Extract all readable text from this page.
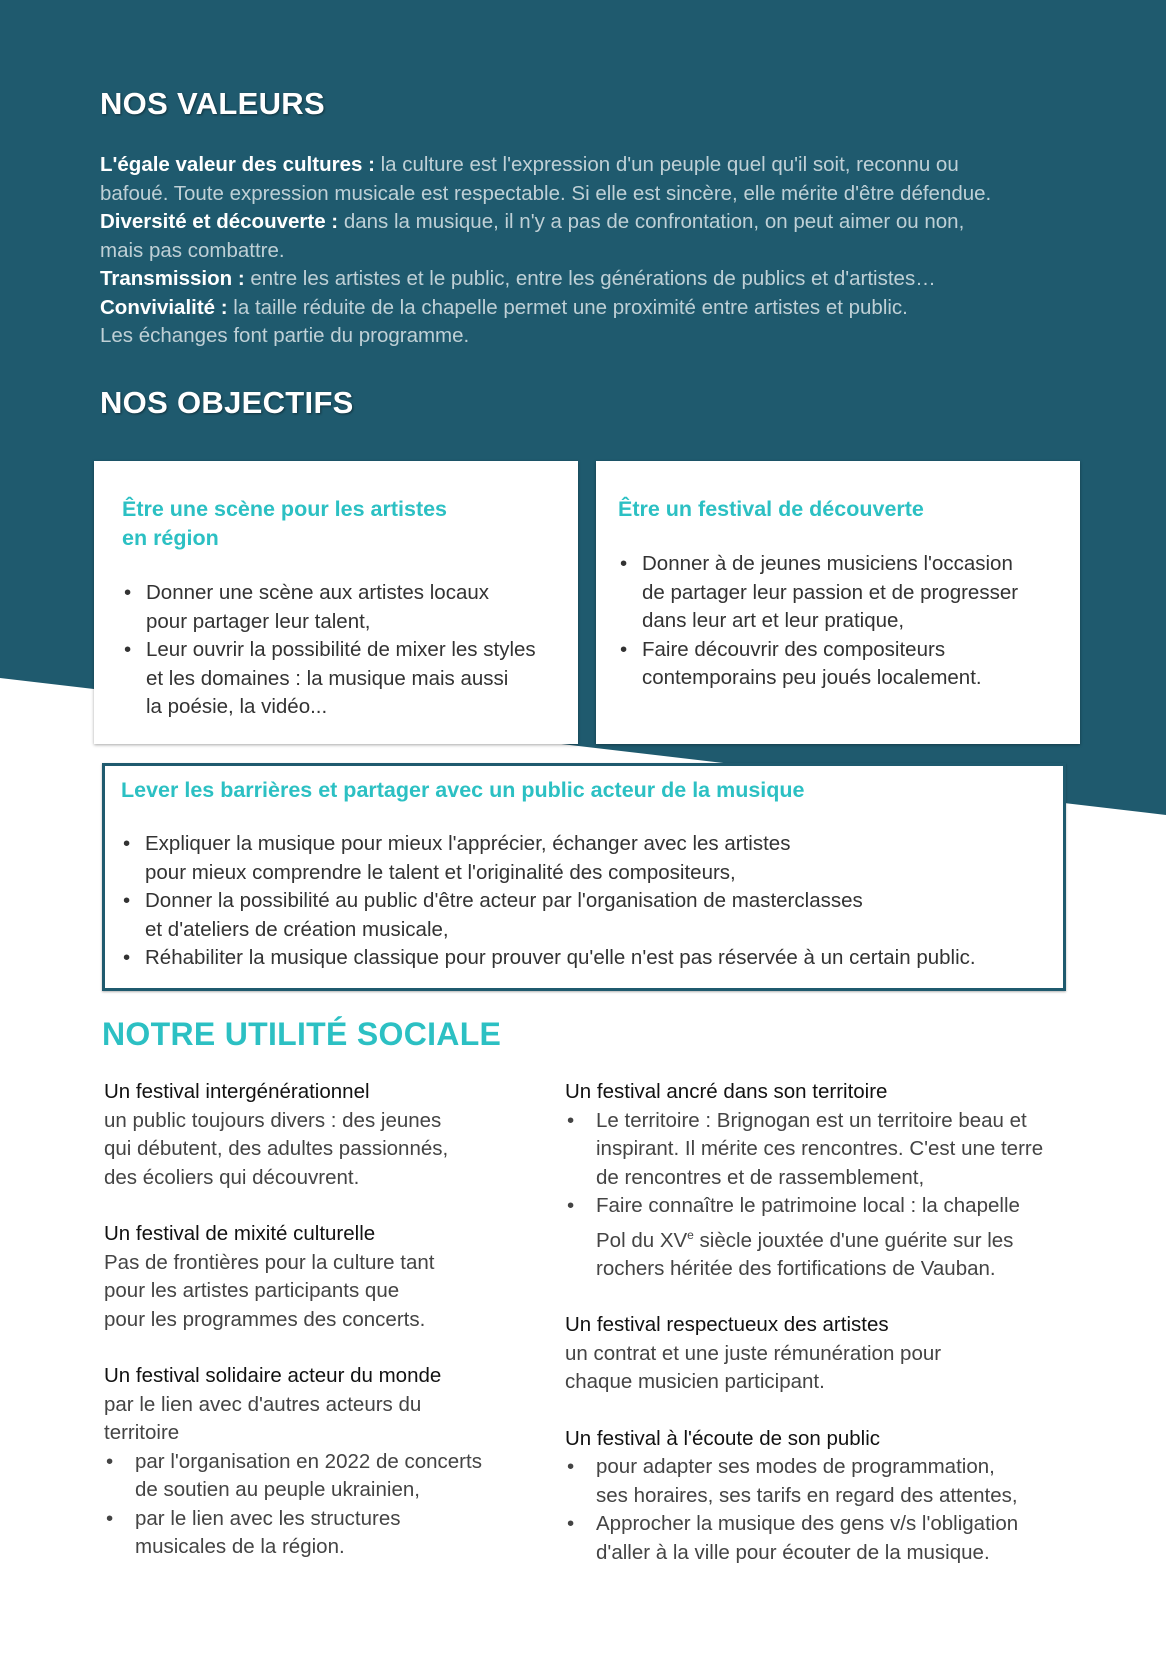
NOS VALEURS
L'égale valeur des cultures : la culture est l'expression d'un peuple quel qu'il soit, reconnu ou
bafoué. Toute expression musicale est respectable. Si elle est sincère, elle mérite d'être défendue.
Diversité et découverte : dans la musique, il n'y a pas de confrontation, on peut aimer ou non,
mais pas combattre.
Transmission : entre les artistes et le public, entre les générations de publics et d'artistes…
Convivialité : la taille réduite de la chapelle permet une proximité entre artistes et public.
Les échanges font partie du programme.
NOS OBJECTIFS
Être une scène pour les artistes
en région
• Donner une scène aux artistes locaux
pour partager leur talent,
• Leur ouvrir la possibilité de mixer les styles
et les domaines : la musique mais aussi
la poésie, la vidéo...
Être un festival de découverte
• Donner à de jeunes musiciens l'occasion
de partager leur passion et de progresser
dans leur art et leur pratique,
• Faire découvrir des compositeurs
contemporains peu joués localement.
Lever les barrières et partager avec un public acteur de la musique
• Expliquer la musique pour mieux l'apprécier, échanger avec les artistes
pour mieux comprendre le talent et l'originalité des compositeurs,
• Donner la possibilité au public d'être acteur par l'organisation de masterclasses
et d'ateliers de création musicale,
• Réhabiliter la musique classique pour prouver qu'elle n'est pas réservée à un certain public.
NOTRE UTILITÉ SOCIALE
Un festival intergénérationnel

un public toujours divers : des jeunes
qui débutent, des adultes passionnés,
des écoliers qui découvrent.

Un festival de mixité culturelle

Pas de frontières pour la culture tant
pour les artistes participants que
pour les programmes des concerts.

Un festival solidaire acteur du monde

par le lien avec d'autres acteurs du
territoire

• par l'organisation en 2022 de concerts
de soutien au peuple ukrainien,
• par le lien avec les structures
musicales de la région.
Un festival ancré dans son territoire
• Le territoire : Brignogan est un territoire beau et
inspirant. Il mérite ces rencontres. C'est une terre
de rencontres et de rassemblement,
• Faire connaître le patrimoine local : la chapelle
Pol du XVe siècle jouxtée d'une guérite sur les
rochers héritée des fortifications de Vauban.
Un festival respectueux des artistes

un contrat et une juste rémunération pour
chaque musicien participant.

Un festival à l'écoute de son public
• pour adapter ses modes de programmation,
ses horaires, ses tarifs en regard des attentes,
• Approcher la musique des gens v/s l'obligation
d'aller à la ville pour écouter de la musique.
